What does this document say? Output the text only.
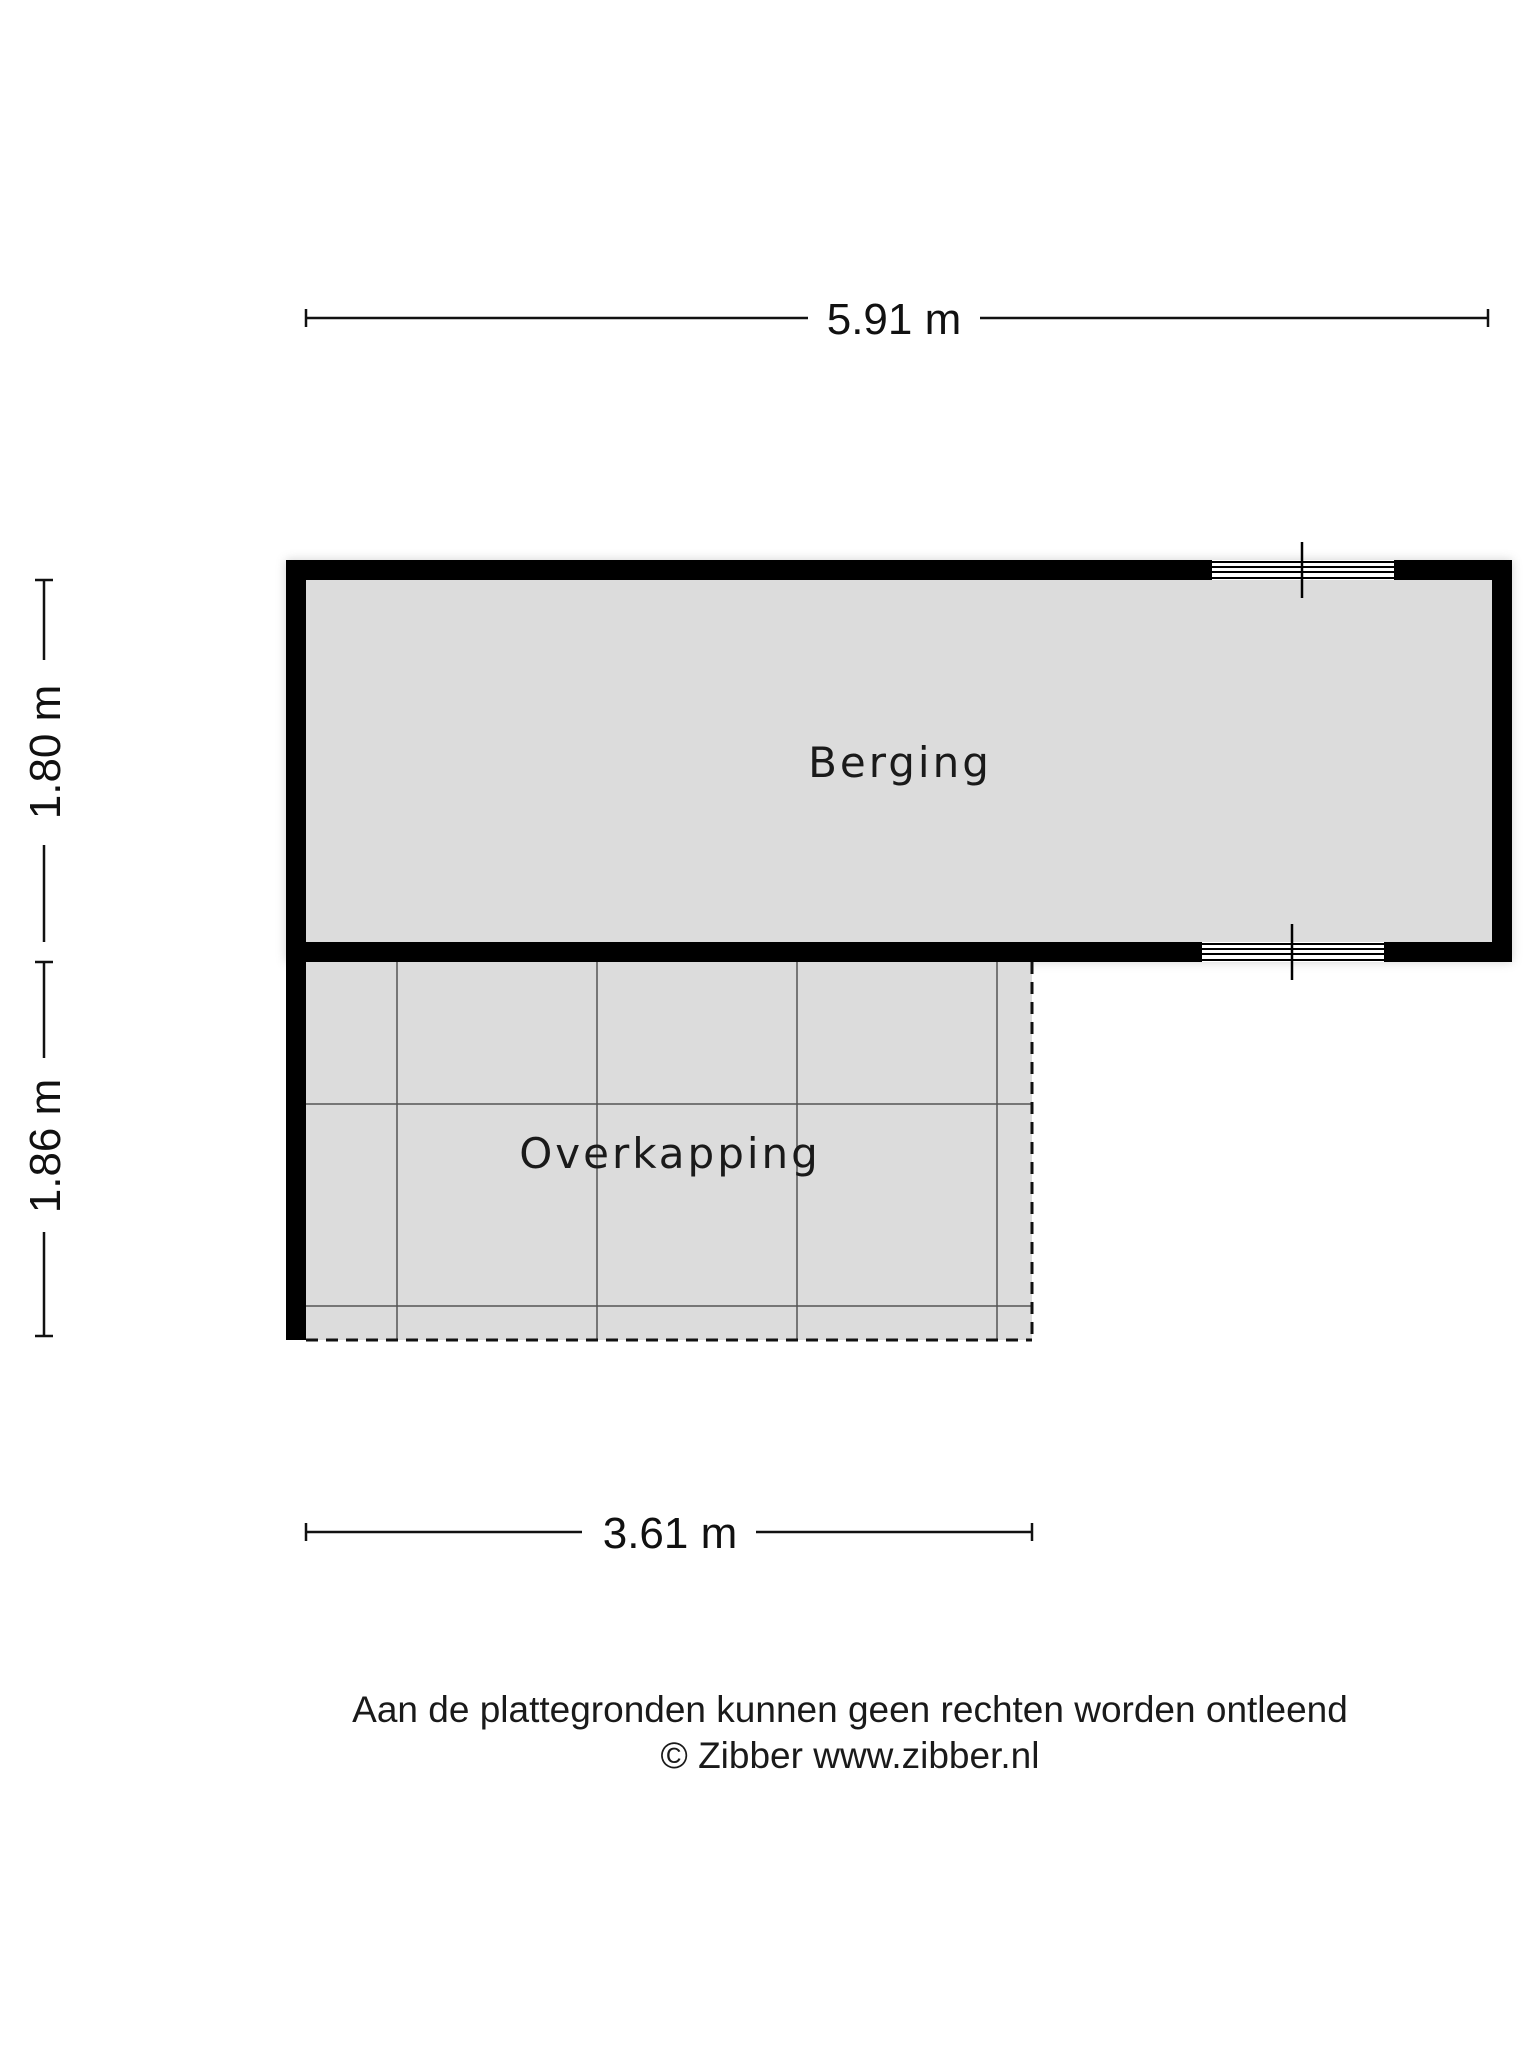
5.91 m
1.80 m
1.86 m
Berging
Overkapping
3.61 m
Aan de plattegronden kunnen geen rechten worden ontleend
© Zibber www.zibber.nl
